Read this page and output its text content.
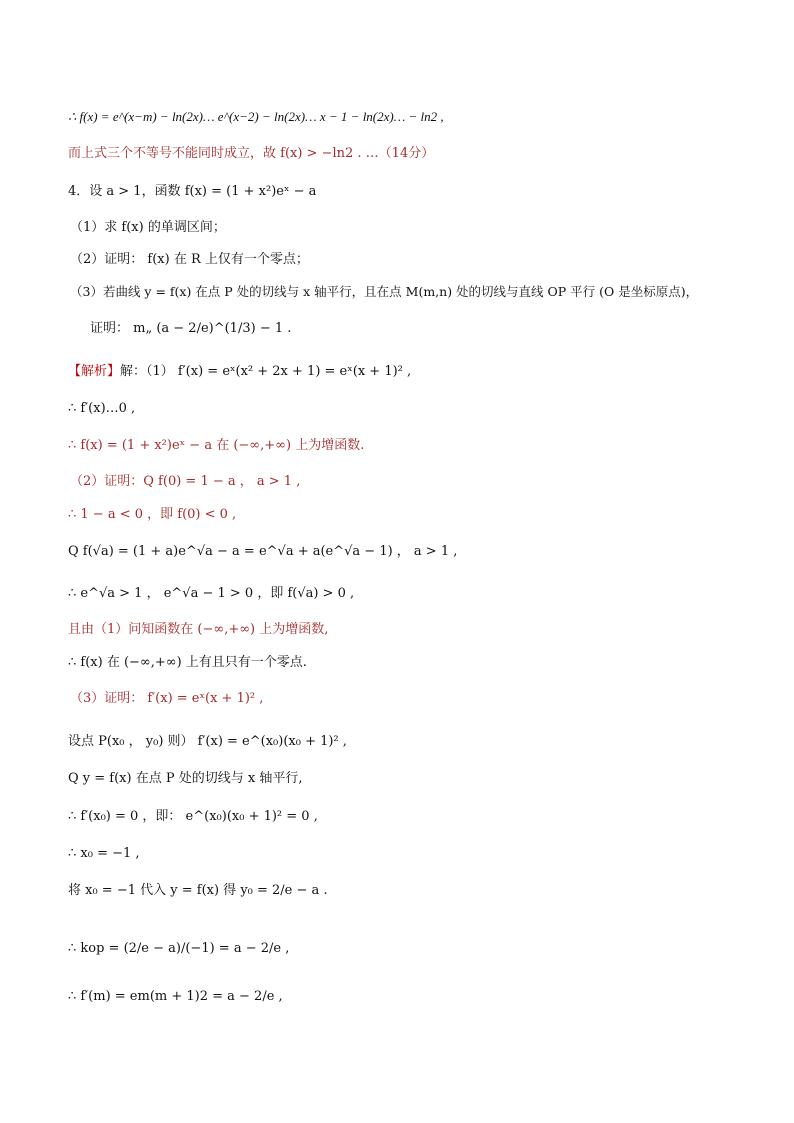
∴ f(x) = e^(x−m) − ln(2x)… e^(x−2) − ln(2x)… x − 1 − ln(2x)… − ln2 ,
而上式三个不等号不能同时成立，故 f(x) > −ln2 . …（14分）
4．设 a > 1，函数 f(x) = (1 + x²)eˣ − a
（1）求 f(x) 的单调区间；
（2）证明： f(x) 在 R 上仅有一个零点；
（3）若曲线 y = f(x) 在点 P 处的切线与 x 轴平行，且在点 M(m,n) 处的切线与直线 OP 平行 (O 是坐标原点)，
证明： m„ (a − 2/e)^(1/3) − 1 .
【解析】解：（1） f′(x) = eˣ(x² + 2x + 1) = eˣ(x + 1)² ,
∴ f′(x)…0 ,
∴ f(x) = (1 + x²)eˣ − a 在 (−∞,+∞) 上为增函数.
（2）证明：Q f(0) = 1 − a ， a > 1 ,
∴ 1 − a < 0 ，即 f(0) < 0 ,
Q f(√a) = (1 + a)e^√a − a = e^√a + a(e^√a − 1) ， a > 1 ,
∴ e^√a > 1 ， e^√a − 1 > 0 ，即 f(√a) > 0 ,
且由（1）问知函数在 (−∞,+∞) 上为增函数,
∴ f(x) 在 (−∞,+∞) 上有且只有一个零点.
（3）证明： f′(x) = eˣ(x + 1)² ,
设点 P(x₀ ， y₀) 则） f′(x) = e^(x₀)(x₀ + 1)² ,
Q y = f(x) 在点 P 处的切线与 x 轴平行,
∴ f′(x₀) = 0 ，即： e^(x₀)(x₀ + 1)² = 0 ,
∴ x₀ = −1 ,
将 x₀ = −1 代入 y = f(x) 得 y₀ = 2/e − a .
∴ kop = (2/e − a)/(−1) = a − 2/e ,
∴ f′(m) = em(m + 1)2 = a − 2/e ,
